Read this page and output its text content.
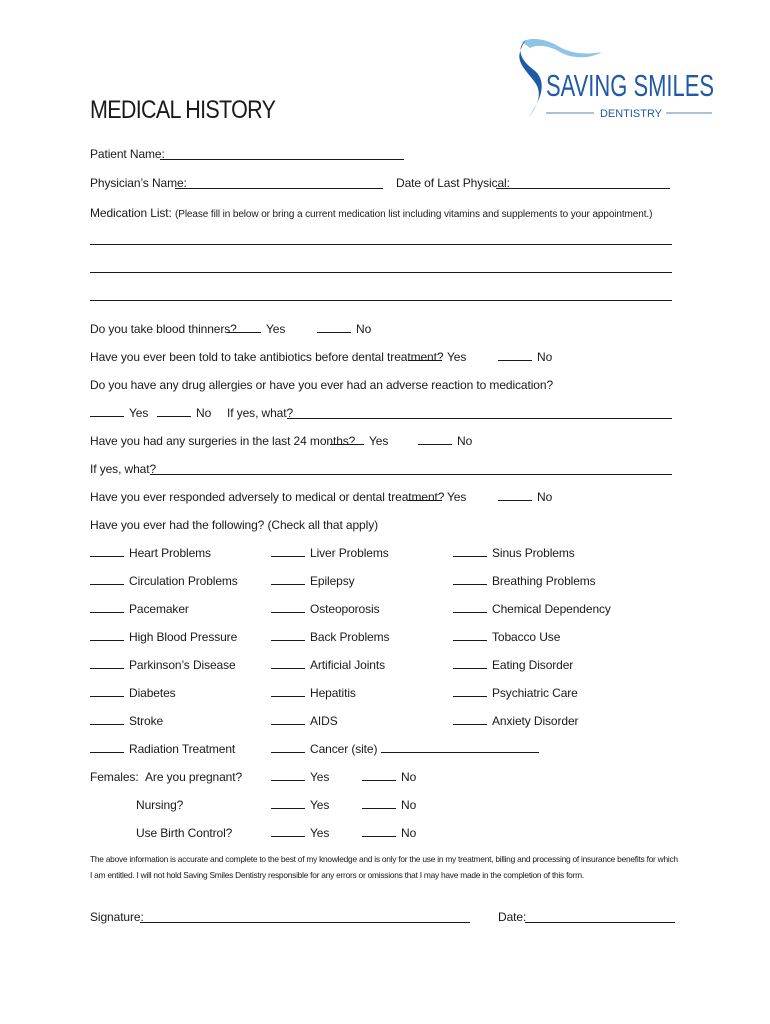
SAVING SMILES
DENTISTRY
MEDICAL HISTORY
Patient Name:
Physician’s Name:	Date of Last Physical:
Medication List: (Please fill in below or bring a current medication list including vitamins and supplements to your appointment.)
Do you take blood thinners?	Yes	No
Have you ever been told to take antibiotics before dental treatment? Yes	No
Do you have any drug allergies or have you ever had an adverse reaction to medication?
Yes	No If yes, what?
Have you had any surgeries in the last 24 months?	Yes	No
If yes, what?
Have you ever responded adversely to medical or dental treatment? Yes	No
Have you ever had the following? (Check all that apply)
Heart Problems	Liver Problems	Sinus Problems
Circulation Problems	Epilepsy	Breathing Problems
Pacemaker	Osteoporosis	Chemical Dependency
High Blood Pressure	Back Problems	Tobacco Use
Parkinson’s Disease	Artificial Joints	Eating Disorder
Diabetes	Hepatitis	Psychiatric Care
Stroke	AIDS	Anxiety Disorder
Radiation Treatment	Cancer (site)
Females: Are you pregnant?	Yes	No
Nursing?	Yes	No
Use Birth Control?	Yes	No
The above information is accurate and complete to the best of my knowledge and is only for the use in my treatment, billing and processing of insurance benefits for which I am entitled. I will not hold Saving Smiles Dentistry responsible for any errors or omissions that I may have made in the completion of this form.
Signature:	Date:
